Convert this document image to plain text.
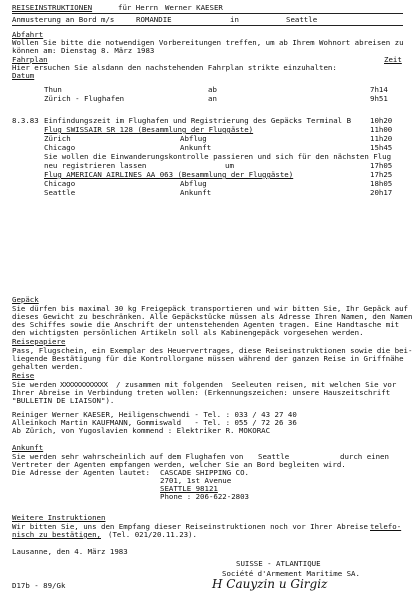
REISEINSTRUKTIONEN	für Herrn Werner KAESER
Anmusterung an Bord m/s	ROMANDIE	in	Seattle
Abfahrt
Wollen Sie bitte die notwendigen Vorbereitungen treffen, um ab Ihrem Wohnort abreisen zu
können am: Dienstag 8. März 1983
Fahrplan	Zeit
Hier ersuchen Sie alsdann den nachstehenden Fahrplan strikte einzuhalten:
Datum
Thun	ab	7h14
Zürich - Flughafen	an	9h51
8.3.83 Einfindungszeit im Flughafen und Registrierung des Gepäcks Terminal B	10h20
Flug SWISSAIR SR 128 (Besammlung der Fluggäste)	11h00
Zürich	Abflug	11h20
Chicago	Ankunft	15h45
Sie wollen die Einwanderungskontrolle passieren und sich für den nächsten Flug
neu registrieren lassen	um	17h05
Flug AMERICAN AIRLINES AA 063 (Besammlung der Fluggäste)	17h25
Chicago	Abflug	18h05
Seattle	Ankunft	20h17
Gepäck
Sie dürfen bis maximal 30 kg Freigepäck transportieren und wir bitten Sie, Ihr Gepäck auf
dieses Gewicht zu beschränken. Alle Gepäckstücke müssen als Adresse Ihren Namen, den Namen
des Schiffes sowie die Anschrift der untenstehenden Agenten tragen. Eine Handtasche mit
den wichtigsten persönlichen Artikeln soll als Kabinengepäck vorgesehen werden.
Reisepapiere
Pass, Flugschein, ein Exemplar des Heuervertrages, diese Reiseinstruktionen sowie die bei-
liegende Bestätigung für die Kontrollorgane müssen während der ganzen Reise in Griffnähe
gehalten werden.
Reise
Sie werden XXXXXXXXXXXX / zusammen mit folgenden  Seeleuten reisen, mit welchen Sie vor
Ihrer Abreise in Verbindung treten wollen: (Erkennungszeichen: unsere Hauszeitschrift
"BULLETIN DE LIAISON").
Reiniger Werner KAESER, Heiligenschwendi - Tel. : 033 / 43 27 40
Alleinkoch Martin KAUFMANN, Gommiswald   - Tel. : 055 / 72 26 36
Ab Zürich, von Yugoslavien kommend : Elektriker R. MOKORAC
Ankunft
Sie werden sehr wahrscheinlich auf dem Flughafen von Seattle	durch einen
Vertreter der Agenten empfangen werden, welcher Sie an Bord begleiten wird.
Die Adresse der Agenten lautet: CASCADE SHIPPING CO.
2701, 1st Avenue
SEATTLE 98121
Phone : 206-622-2803
Weitere Instruktionen
Wir bitten Sie, uns den Empfang dieser Reiseinstruktionen noch vor Ihrer Abreise telefo-
nisch zu bestätigen, (Tel. 021/20.11.23).
Lausanne, den 4. März 1983
SUISSE - ATLANTIQUE
Société d'Armement Maritime SA.
D17b - 89/Gk	H Cauyzin u Girgiz
